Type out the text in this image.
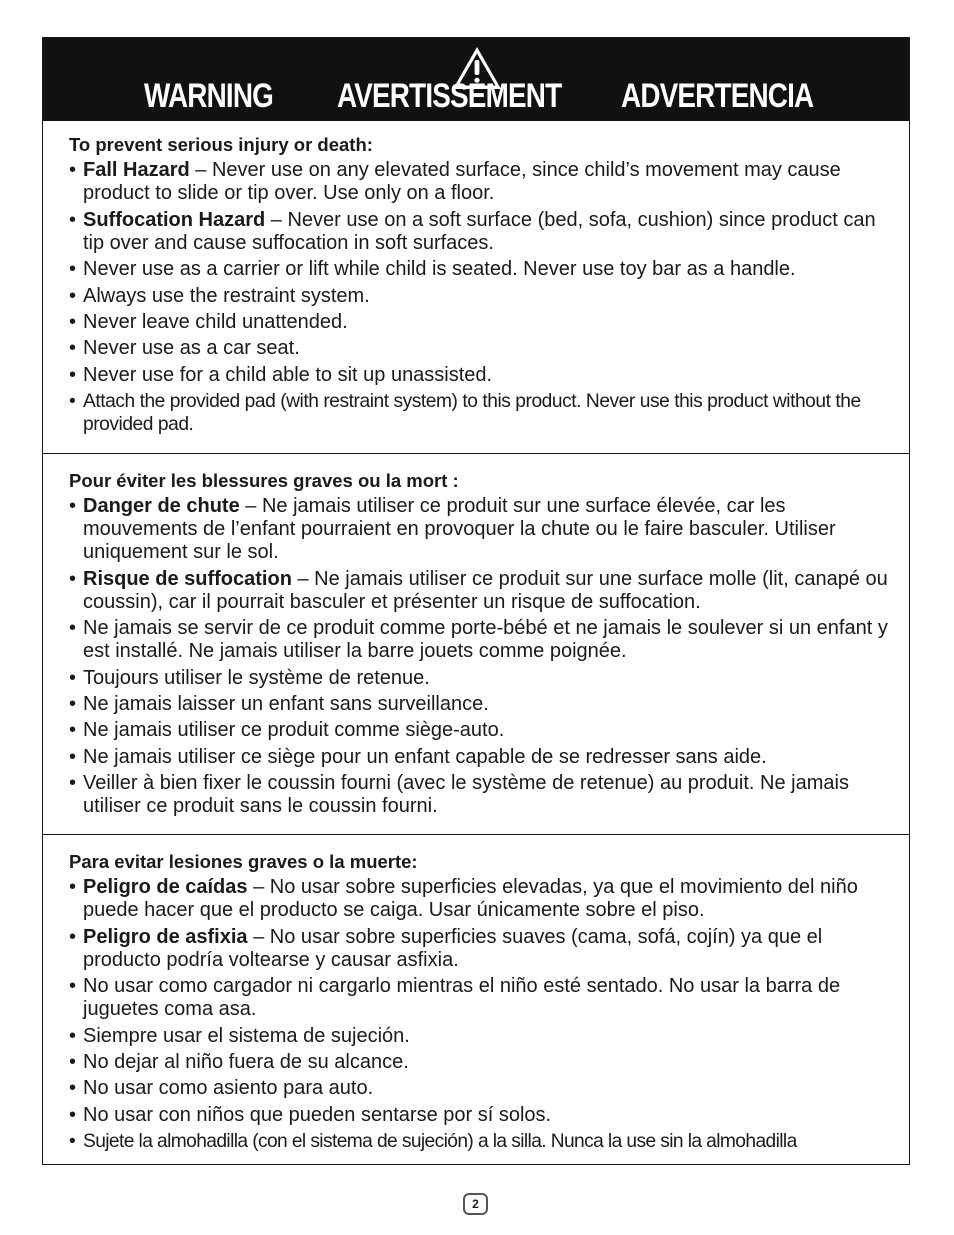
WARNING AVERTISSEMENT ADVERTENCIA
To prevent serious injury or death:
• Fall Hazard – Never use on any elevated surface, since child’s movement may cause product to slide or tip over. Use only on a floor.
• Suffocation Hazard – Never use on a soft surface (bed, sofa, cushion) since product can tip over and cause suffocation in soft surfaces.
• Never use as a carrier or lift while child is seated. Never use toy bar as a handle.
• Always use the restraint system.
• Never leave child unattended.
• Never use as a car seat.
• Never use for a child able to sit up unassisted.
• Attach the provided pad (with restraint system) to this product. Never use this product without the provided pad.
Pour éviter les blessures graves ou la mort :
• Danger de chute – Ne jamais utiliser ce produit sur une surface élevée, car les mouvements de l’enfant pourraient en provoquer la chute ou le faire basculer. Utiliser uniquement sur le sol.
• Risque de suffocation – Ne jamais utiliser ce produit sur une surface molle (lit, canapé ou coussin), car il pourrait basculer et présenter un risque de suffocation.
• Ne jamais se servir de ce produit comme porte-bébé et ne jamais le soulever si un enfant y est installé. Ne jamais utiliser la barre jouets comme poignée.
• Toujours utiliser le système de retenue.
• Ne jamais laisser un enfant sans surveillance.
• Ne jamais utiliser ce produit comme siège-auto.
• Ne jamais utiliser ce siège pour un enfant capable de se redresser sans aide.
• Veiller à bien fixer le coussin fourni (avec le système de retenue) au produit. Ne jamais utiliser ce produit sans le coussin fourni.
Para evitar lesiones graves o la muerte:
• Peligro de caídas – No usar sobre superficies elevadas, ya que el movimiento del niño puede hacer que el producto se caiga. Usar únicamente sobre el piso.
• Peligro de asfixia – No usar sobre superficies suaves (cama, sofá, cojín) ya que el producto podría voltearse y causar asfixia.
• No usar como cargador ni cargarlo mientras el niño esté sentado. No usar la barra de juguetes coma asa.
• Siempre usar el sistema de sujeción.
• No dejar al niño fuera de su alcance.
• No usar como asiento para auto.
• No usar con niños que pueden sentarse por sí solos.
• Sujete la almohadilla (con el sistema de sujeción) a la silla. Nunca la use sin la almohadilla
2
